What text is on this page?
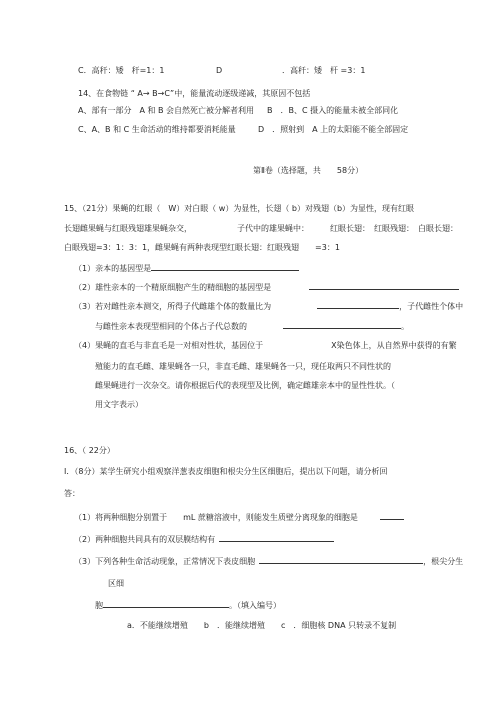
C．高秆：矮　秆=1：1	D	．高秆：矮　杆 =3：1
14、在食物链 “ A→ B→C”中，能量流动逐级递减，其原因不包括
A、部有一部分　A 和 B 会自然死亡被分解者利用 B　．B、C 摄入的能量未被全部同化
C、A、B 和 C 生命活动的维持都要消耗能量	D　．照射到　A 上的太阳能不能全部固定
第Ⅱ卷（选择题，共　　58分）
15、（21分）果蝇的红眼（　W）对白眼（ w）为显性，长翅（ b）对残翅（b）为显性，现有红眼
长翅雌果蝇与红眼残翅雄果蝇杂交，	子代中的雄果蝇中：	红眼长翅：　红眼残翅：　白眼长翅：
白眼残翅=3：1：3：1，雌果蝇有两种表现型红眼长翅：红眼残翅　　=3：1
（1）亲本的基因型是
（2）雄性亲本的一个精原细胞产生的精细胞的基因型是
（3）若对雌性亲本测交，所得子代雌雄个体的数量比为	，子代雌性个体中
与雌性亲本表现型相同的个体占子代总数的	。
（4）果蝇的直毛与非直毛是一对相对性状，基因位于	X染色体上，从自然界中获得的有繁
殖能力的直毛雌、雄果蝇各一只，非直毛雌、雄果蝇各一只，现任取两只不同性状的
雌果蝇进行一次杂交。请你根据后代的表现型及比例，确定雌雄亲本中的显性性状。（
用文字表示）
16、（ 22分）
Ⅰ．（8分）某学生研究小组观察洋葱表皮细胞和根尖分生区细胞后，提出以下问题，请分析回
答：
（1）将两种细胞分别置于　　mL 蔗糖溶液中，则能发生质壁分离现象的细胞是
（2）两种细胞共同具有的双层膜结构有
（3）下列各种生命活动现象，正常情况下表皮细胞	，根尖分生
区细
胞	。（填入编号）
a．不能继续增殖　　b　．能继续增殖　　c　．细胞核 DNA 只转录不复制
